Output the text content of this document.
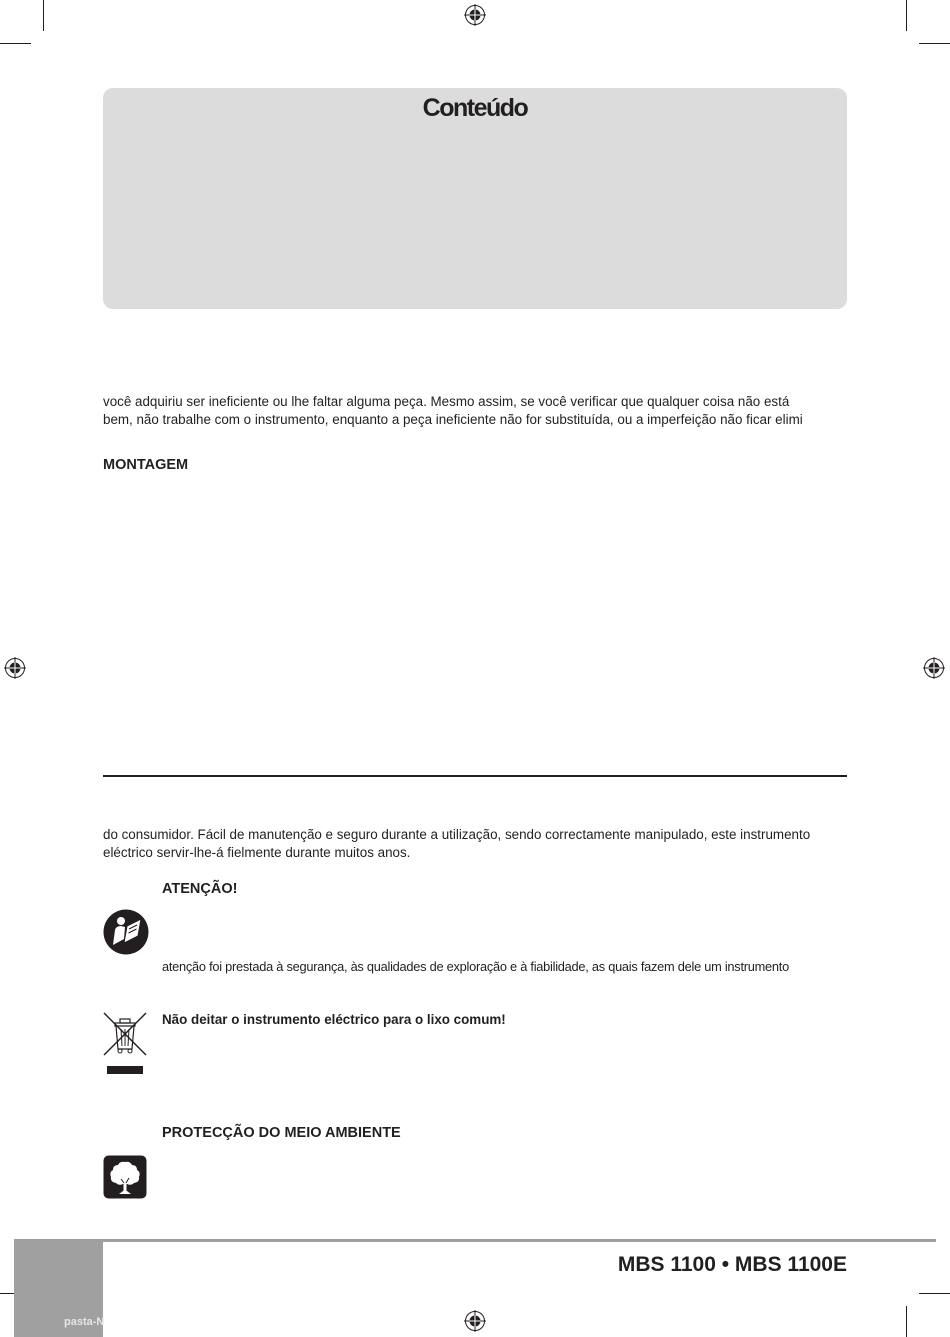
Conteúdo

você adquiriu ser ineficiente ou lhe faltar alguma peça. Mesmo assim, se você verificar que qualquer coisa não está
bem, não trabalhe com o instrumento, enquanto a peça ineficiente não for substituída, ou a imperfeição não ficar elimi

MONTAGEM

do consumidor. Fácil de manutenção e seguro durante a utilização, sendo correctamente manipulado, este instrumento
eléctrico servir-lhe-á fielmente durante muitos anos.

ATENÇÃO!
atenção foi prestada à segurança, às qualidades de exploração e à fiabilidade, as quais fazem dele um instrumento
Não deitar o instrumento eléctrico para o lixo comum!
PROTECÇÃO DO MEIO AMBIENTE
pasta-N
MBS 1100 • MBS 1100E
